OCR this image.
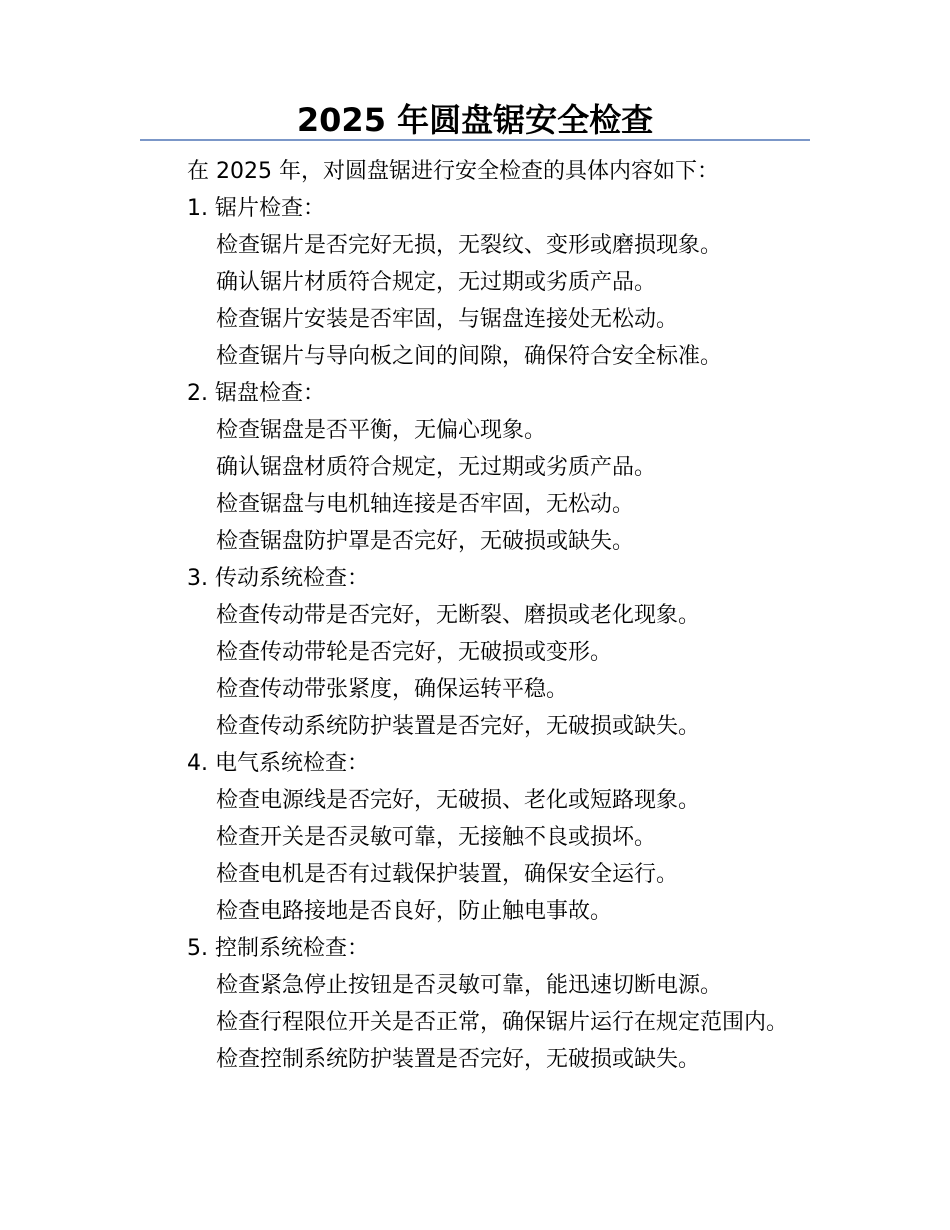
2025 年圆盘锯安全检查
在 2025 年，对圆盘锯进行安全检查的具体内容如下：
1. 锯片检查：
检查锯片是否完好无损，无裂纹、变形或磨损现象。
确认锯片材质符合规定，无过期或劣质产品。
检查锯片安装是否牢固，与锯盘连接处无松动。
检查锯片与导向板之间的间隙，确保符合安全标准。
2. 锯盘检查：
检查锯盘是否平衡，无偏心现象。
确认锯盘材质符合规定，无过期或劣质产品。
检查锯盘与电机轴连接是否牢固，无松动。
检查锯盘防护罩是否完好，无破损或缺失。
3. 传动系统检查：
检查传动带是否完好，无断裂、磨损或老化现象。
检查传动带轮是否完好，无破损或变形。
检查传动带张紧度，确保运转平稳。
检查传动系统防护装置是否完好，无破损或缺失。
4. 电气系统检查：
检查电源线是否完好，无破损、老化或短路现象。
检查开关是否灵敏可靠，无接触不良或损坏。
检查电机是否有过载保护装置，确保安全运行。
检查电路接地是否良好，防止触电事故。
5. 控制系统检查：
检查紧急停止按钮是否灵敏可靠，能迅速切断电源。
检查行程限位开关是否正常，确保锯片运行在规定范围内。
检查控制系统防护装置是否完好，无破损或缺失。
